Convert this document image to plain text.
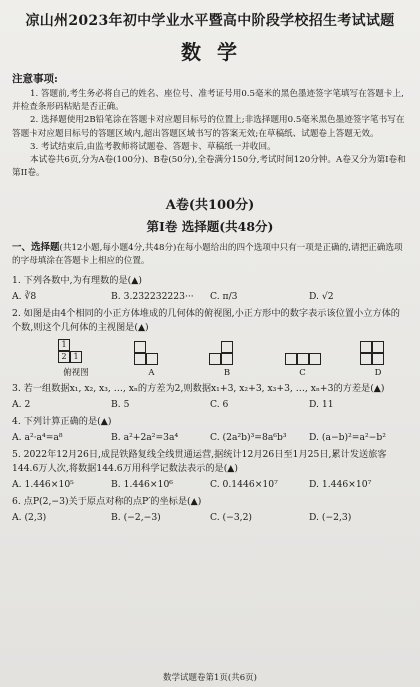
凉山州2023年初中学业水平暨高中阶段学校招生考试试题
数学
注意事项:

1. 答题前,考生务必将自己的姓名、座位号、准考证号用0.5毫米的黑色墨迹签字笔填写在答题卡上,并检查条形码粘贴是否正确。

2. 选择题使用2B铅笔涂在答题卡对应题目标号的位置上;非选择题用0.5毫米黑色墨迹签字笔书写在答题卡对应题目标号的答题区域内,超出答题区域书写的答案无效;在草稿纸、试题卷上答题无效。

3. 考试结束后,由监考教师将试题卷、答题卡、草稿纸一并收回。

本试卷共6页,分为A卷(100分)、B卷(50分),全卷满分150分,考试时间120分钟。A卷又分为第I卷和第II卷。

A卷(共100分)
第I卷 选择题(共48分)

一、选择题(共12小题,每小题4分,共48分)在每小题给出的四个选项中只有一项是正确的,请把正确选项的字母填涂在答题卡上相应的位置。

1. 下列各数中,为有理数的是(▲)
A. ∛8	B. 3.232232223···	C. π/3	D. √2
2. 如图是由4个相同的小正方体堆成的几何体的俯视图,小正方形中的数字表示该位置小立方体的个数,则这个几何体的主视图是(▲)
1
2 1
俯视图	A	B	C	D
3. 若一组数据x₁, x₂, x₃, …, xₙ的方差为2,则数据x₁+3, x₂+3, x₃+3, …, xₙ+3的方差是(▲)
A. 2	B. 5	C. 6	D. 11
4. 下列计算正确的是(▲)
A. a²·a⁴=a⁸	B. a²+2a²=3a⁴	C. (2a²b)³=8a⁶b³	D. (a−b)²=a²−b²
5. 2022年12月26日,成昆铁路复线全线贯通运营,据统计12月26日至1月25日,累计发送旅客144.6万人次,将数据144.6万用科学记数法表示的是(▲)
A. 1.446×10⁵	B. 1.446×10⁶	C. 0.1446×10⁷	D. 1.446×10⁷
6. 点P(2,−3)关于原点对称的点P′的坐标是(▲)
A. (2,3)	B. (−2,−3)	C. (−3,2)	D. (−2,3)
数学试题卷第1页(共6页)
